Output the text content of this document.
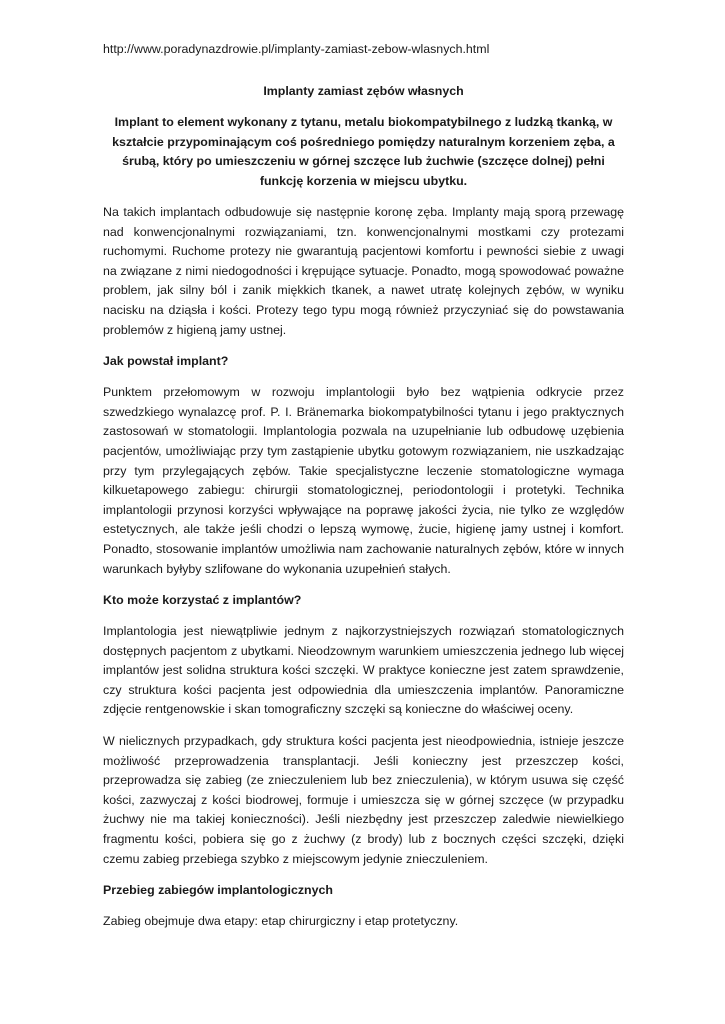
http://www.poradynazdrowie.pl/implanty-zamiast-zebow-wlasnych.html
Implanty zamiast zębów własnych
Implant to element wykonany z tytanu, metalu biokompatybilnego z ludzką tkanką, w kształcie przypominającym coś pośredniego pomiędzy naturalnym korzeniem zęba, a śrubą, który po umieszczeniu w górnej szczęce lub żuchwie (szczęce dolnej) pełni funkcję korzenia w miejscu ubytku.

Na takich implantach odbudowuje się następnie koronę zęba. Implanty mają sporą przewagę nad konwencjonalnymi rozwiązaniami, tzn. konwencjonalnymi mostkami czy protezami ruchomymi. Ruchome protezy nie gwarantują pacjentowi komfortu i pewności siebie z uwagi na związane z nimi niedogodności i krępujące sytuacje. Ponadto, mogą spowodować poważne problem, jak silny ból i zanik miękkich tkanek, a nawet utratę kolejnych zębów, w wyniku nacisku na dziąsła i kości. Protezy tego typu mogą również przyczyniać się do powstawania problemów z higieną jamy ustnej.

Jak powstał implant?

Punktem przełomowym w rozwoju implantologii było bez wątpienia odkrycie przez szwedzkiego wynalazcę prof. P. I. Bränemarka biokompatybilności tytanu i jego praktycznych zastosowań w stomatologii. Implantologia pozwala na uzupełnianie lub odbudowę uzębienia pacjentów, umożliwiając przy tym zastąpienie ubytku gotowym rozwiązaniem, nie uszkadzając przy tym przylegających zębów. Takie specjalistyczne leczenie stomatologiczne wymaga kilkuetapowego zabiegu: chirurgii stomatologicznej, periodontologii i protetyki. Technika implantologii przynosi korzyści wpływające na poprawę jakości życia, nie tylko ze względów estetycznych, ale także jeśli chodzi o lepszą wymowę, żucie, higienę jamy ustnej i komfort. Ponadto, stosowanie implantów umożliwia nam zachowanie naturalnych zębów, które w innych warunkach byłyby szlifowane do wykonania uzupełnień stałych.

Kto może korzystać z implantów?

Implantologia jest niewątpliwie jednym z najkorzystniejszych rozwiązań stomatologicznych dostępnych pacjentom z ubytkami. Nieodzownym warunkiem umieszczenia jednego lub więcej implantów jest solidna struktura kości szczęki. W praktyce konieczne jest zatem sprawdzenie, czy struktura kości pacjenta jest odpowiednia dla umieszczenia implantów. Panoramiczne zdjęcie rentgenowskie i skan tomograficzny szczęki są konieczne do właściwej oceny.

W nielicznych przypadkach, gdy struktura kości pacjenta jest nieodpowiednia, istnieje jeszcze możliwość przeprowadzenia transplantacji. Jeśli konieczny jest przeszczep kości, przeprowadza się zabieg (ze znieczuleniem lub bez znieczulenia), w którym usuwa się część kości, zazwyczaj z kości biodrowej, formuje i umieszcza się w górnej szczęce (w przypadku żuchwy nie ma takiej konieczności). Jeśli niezbędny jest przeszczep zaledwie niewielkiego fragmentu kości, pobiera się go z żuchwy (z brody) lub z bocznych części szczęki, dzięki czemu zabieg przebiega szybko z miejscowym jedynie znieczuleniem.

Przebieg zabiegów implantologicznych

Zabieg obejmuje dwa etapy: etap chirurgiczny i etap protetyczny.
